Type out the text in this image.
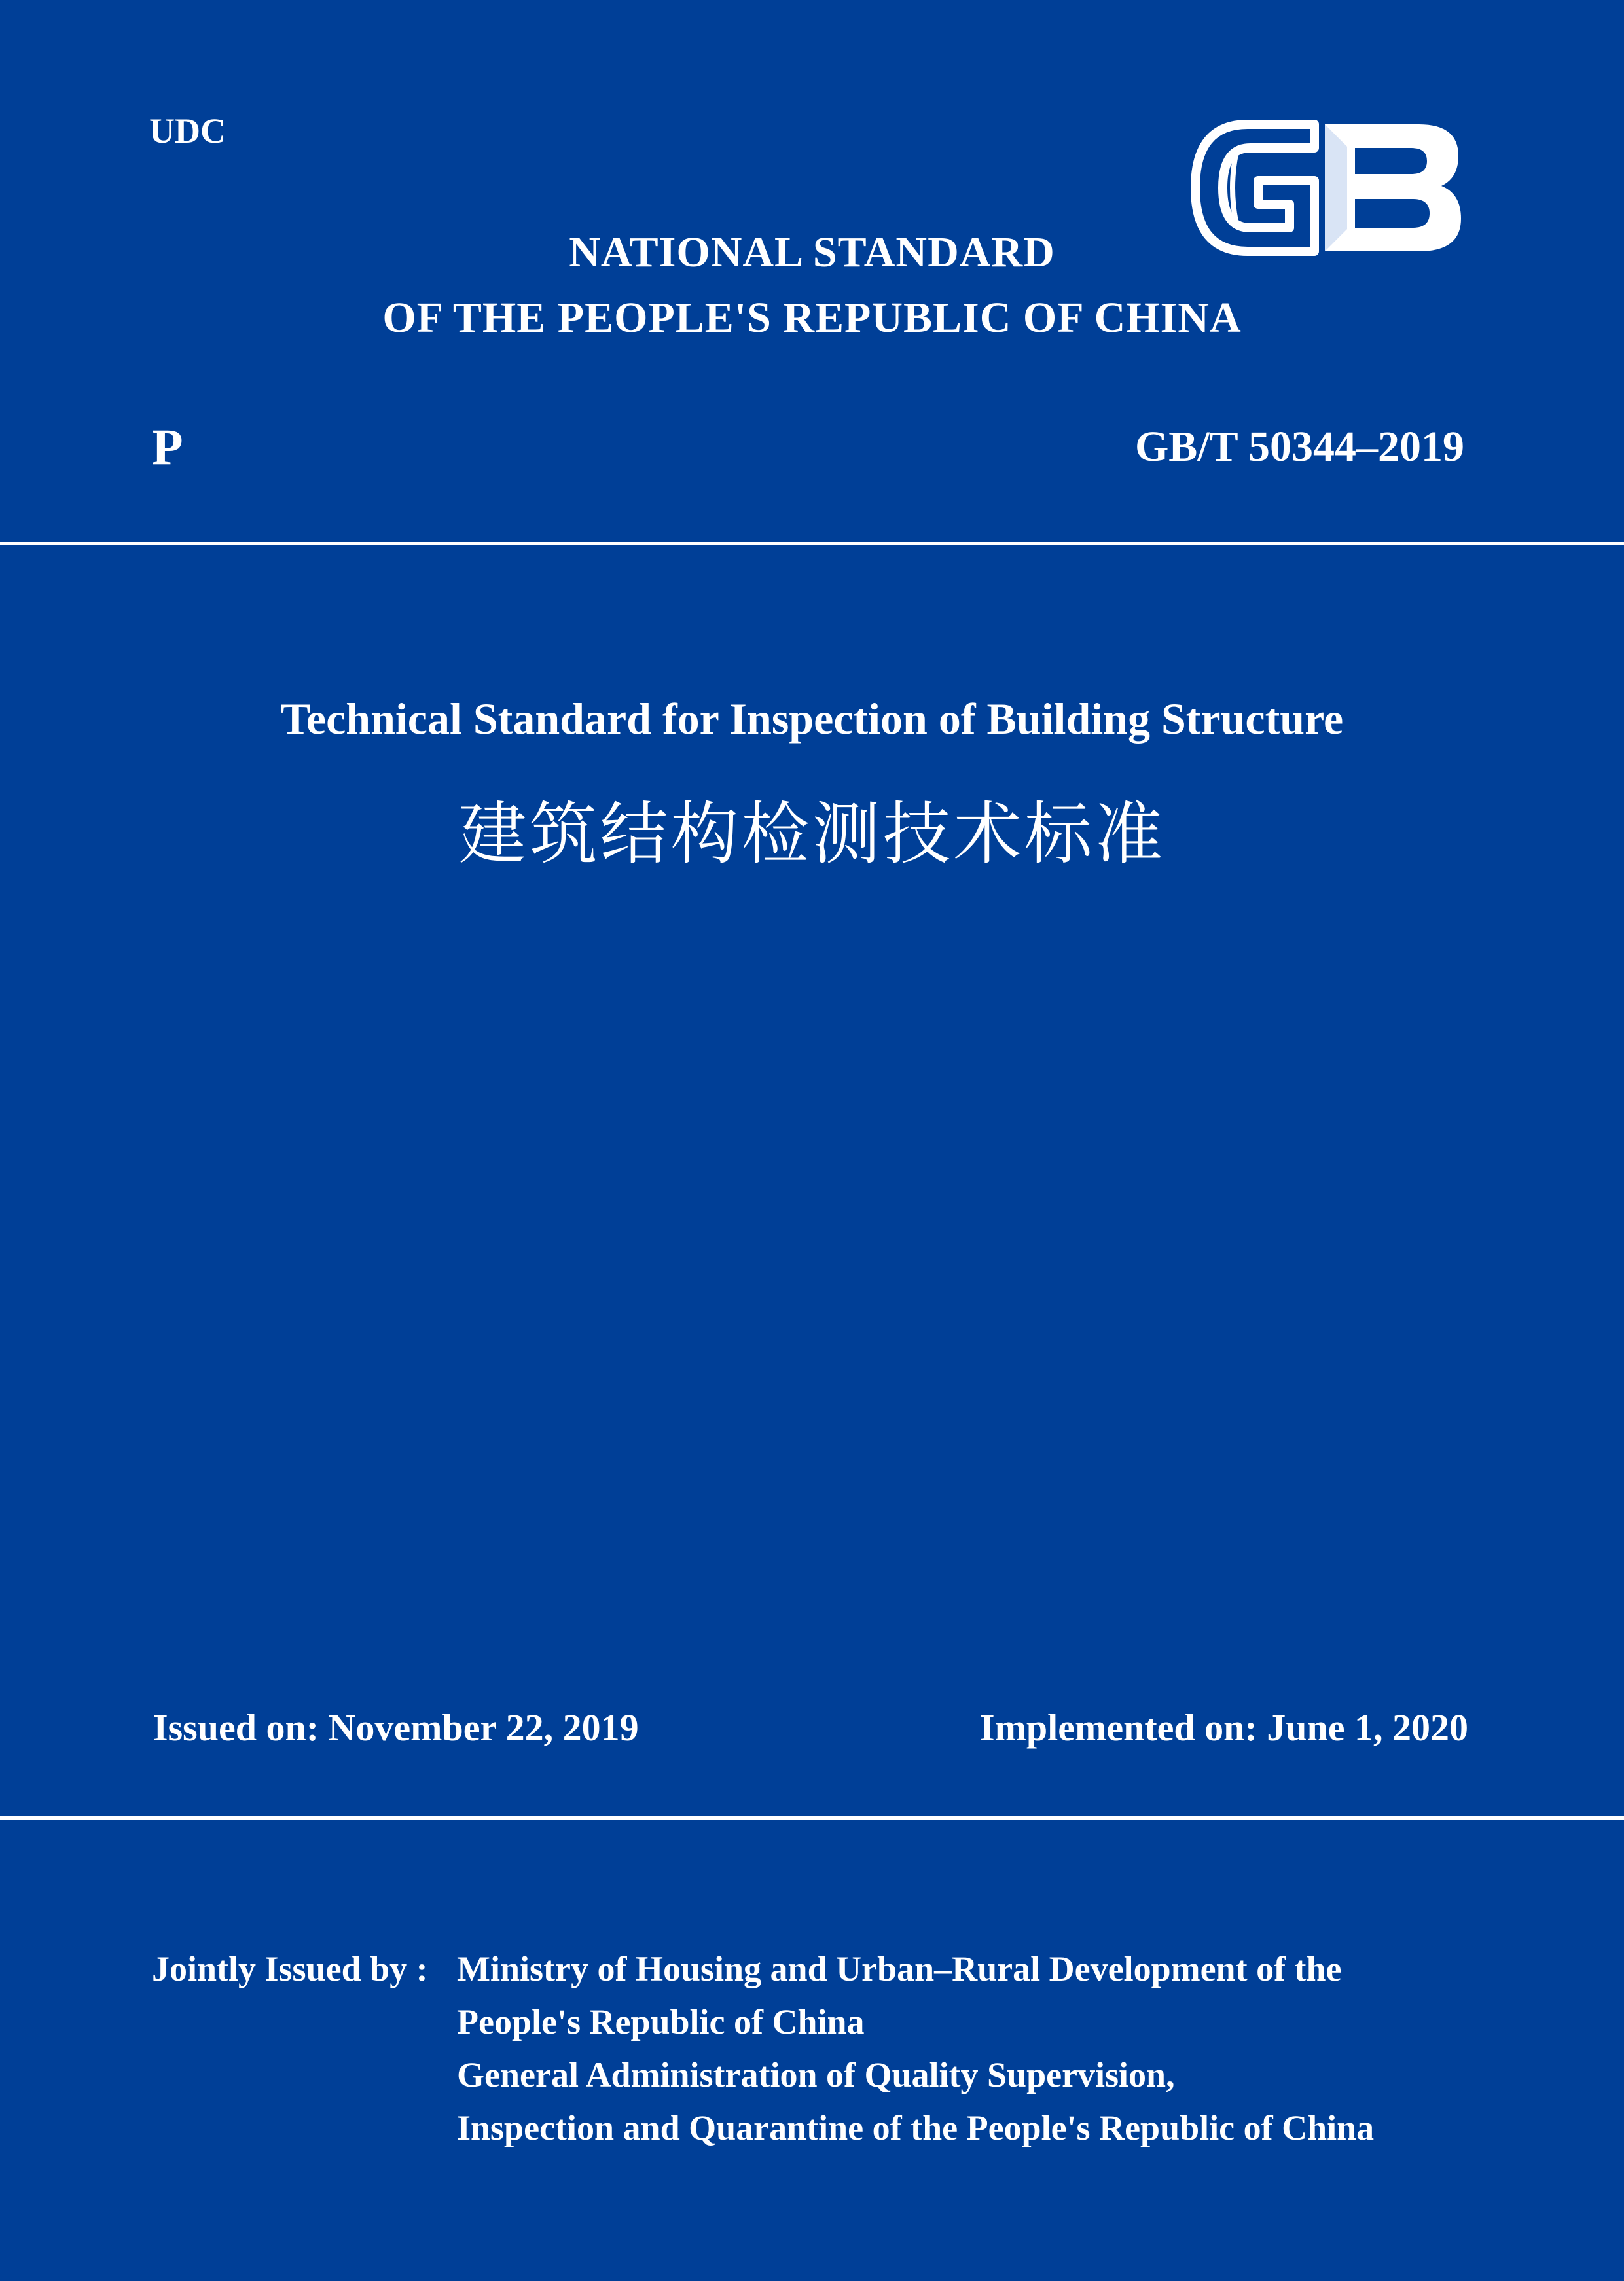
UDC
NATIONAL STANDARD
OF THE PEOPLE'S REPUBLIC OF CHINA
P	GB/T 50344–2019
Technical Standard for Inspection of Building Structure
建筑结构检测技术标准
Issued on: November 22, 2019	Implemented on: June 1, 2020
Jointly Issued by : Ministry of Housing and Urban–Rural Development of the
People's Republic of China
General Administration of Quality Supervision,
Inspection and Quarantine of the People's Republic of China
